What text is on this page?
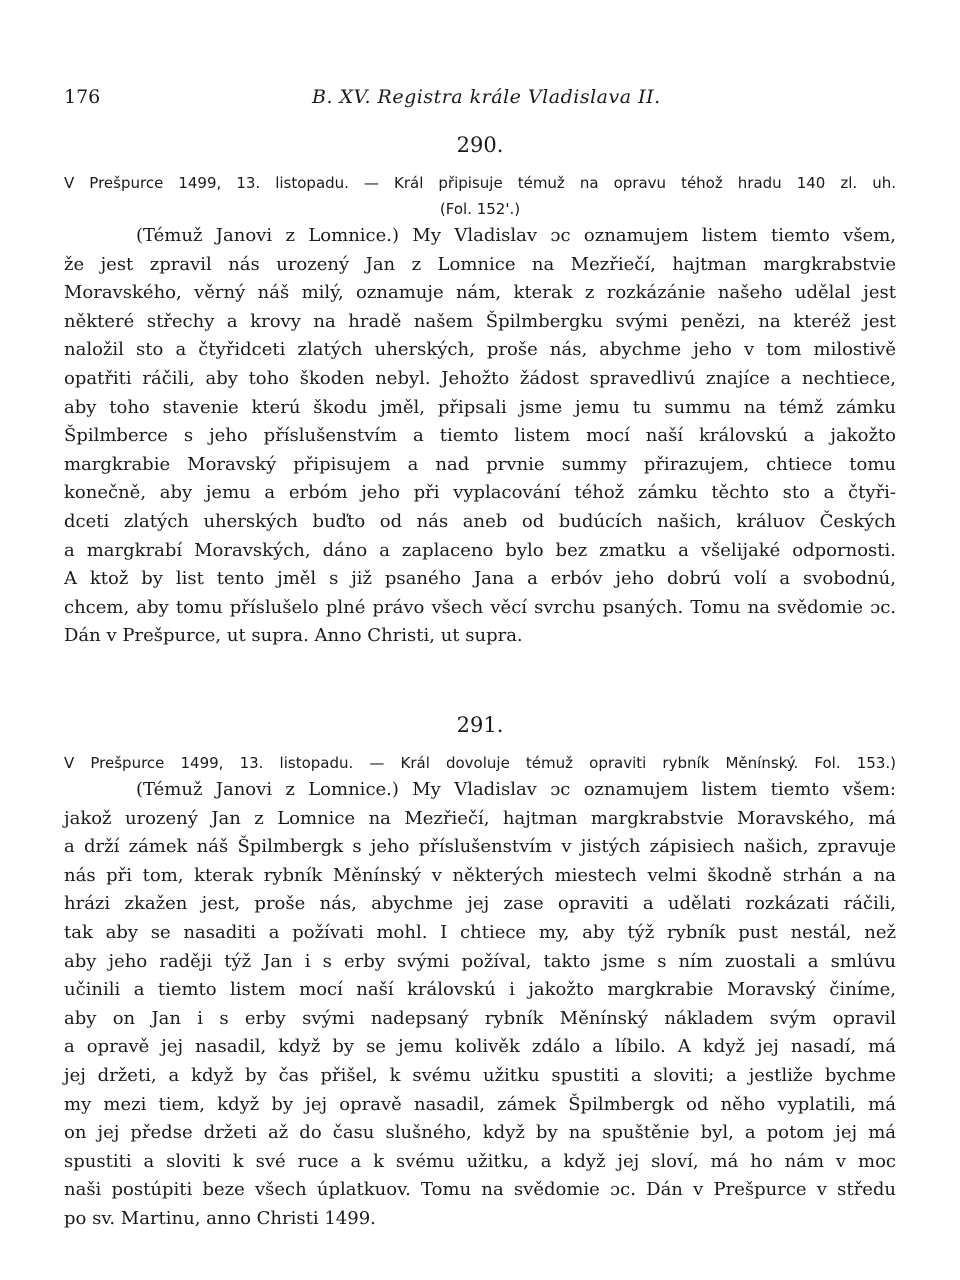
176	B. XV. Registra krále Vladislava II.
290.
V Prešpurce 1499, 13. listopadu. — Král připisuje témuž na opravu téhož hradu 140 zl. uh.
(Fol. 152'.)

(Témuž Janovi z Lomnice.) My Vladislav ɔc oznamujem listem tiemto všem,

že jest zpravil nás urozený Jan z Lomnice na Mezřiečí, hajtman margkrabstvie

Moravského, věrný náš milý, oznamuje nám, kterak z rozkázánie našeho udělal jest

některé střechy a krovy na hradě našem Špilmbergku svými penězi, na kteréž jest

naložil sto a čtyřidceti zlatých uherských, proše nás, abychme jeho v tom milostivě

opatřiti ráčili, aby toho škoden nebyl. Jehožto žádost spravedlivú znajíce a nechtiece,

aby toho stavenie kterú škodu jměl, připsali jsme jemu tu summu na témž zámku

Špilmberce s jeho příslušenstvím a tiemto listem mocí naší královskú a jakožto

margkrabie Moravský připisujem a nad prvnie summy přirazujem, chtiece tomu

konečně, aby jemu a erbóm jeho při vyplacování téhož zámku těchto sto a čtyři-

dceti zlatých uherských buďto od nás aneb od budúcích našich, králuov Českých

a margkrabí Moravských, dáno a zaplaceno bylo bez zmatku a všelijaké odpornosti.

A ktož by list tento jměl s již psaného Jana a erbóv jeho dobrú volí a svobodnú,

chcem, aby tomu příslušelo plné právo všech věcí svrchu psaných. Tomu na svědomie ɔc.

Dán v Prešpurce, ut supra. Anno Christi, ut supra.

291.
V Prešpurce 1499, 13. listopadu. — Král dovoluje témuž opraviti rybník Měnínský. Fol. 153.)

(Témuž Janovi z Lomnice.) My Vladislav ɔc oznamujem listem tiemto všem:

jakož urozený Jan z Lomnice na Mezřiečí, hajtman margkrabstvie Moravského, má

a drží zámek náš Špilmbergk s jeho příslušenstvím v jistých zápisiech našich, zpravuje

nás při tom, kterak rybník Měnínský v některých miestech velmi škodně strhán a na

hrázi zkažen jest, proše nás, abychme jej zase opraviti a udělati rozkázati ráčili,

tak aby se nasaditi a požívati mohl. I chtiece my, aby týž rybník pust nestál, než

aby jeho raději týž Jan i s erby svými požíval, takto jsme s ním zuostali a smlúvu

učinili a tiemto listem mocí naší královskú i jakožto margkrabie Moravský činíme,

aby on Jan i s erby svými nadepsaný rybník Měnínský nákladem svým opravil

a opravě jej nasadil, když by se jemu kolivěk zdálo a líbilo. A když jej nasadí, má

jej držeti, a když by čas přišel, k svému užitku spustiti a sloviti; a jestliže bychme

my mezi tiem, když by jej opravě nasadil, zámek Špilmbergk od něho vyplatili, má

on jej předse držeti až do času slušného, když by na spuštěnie byl, a potom jej má

spustiti a sloviti k své ruce a k svému užitku, a když jej sloví, má ho nám v moc

naši postúpiti beze všech úplatkuov. Tomu na svědomie ɔc. Dán v Prešpurce v středu

po sv. Martinu, anno Christi 1499.
